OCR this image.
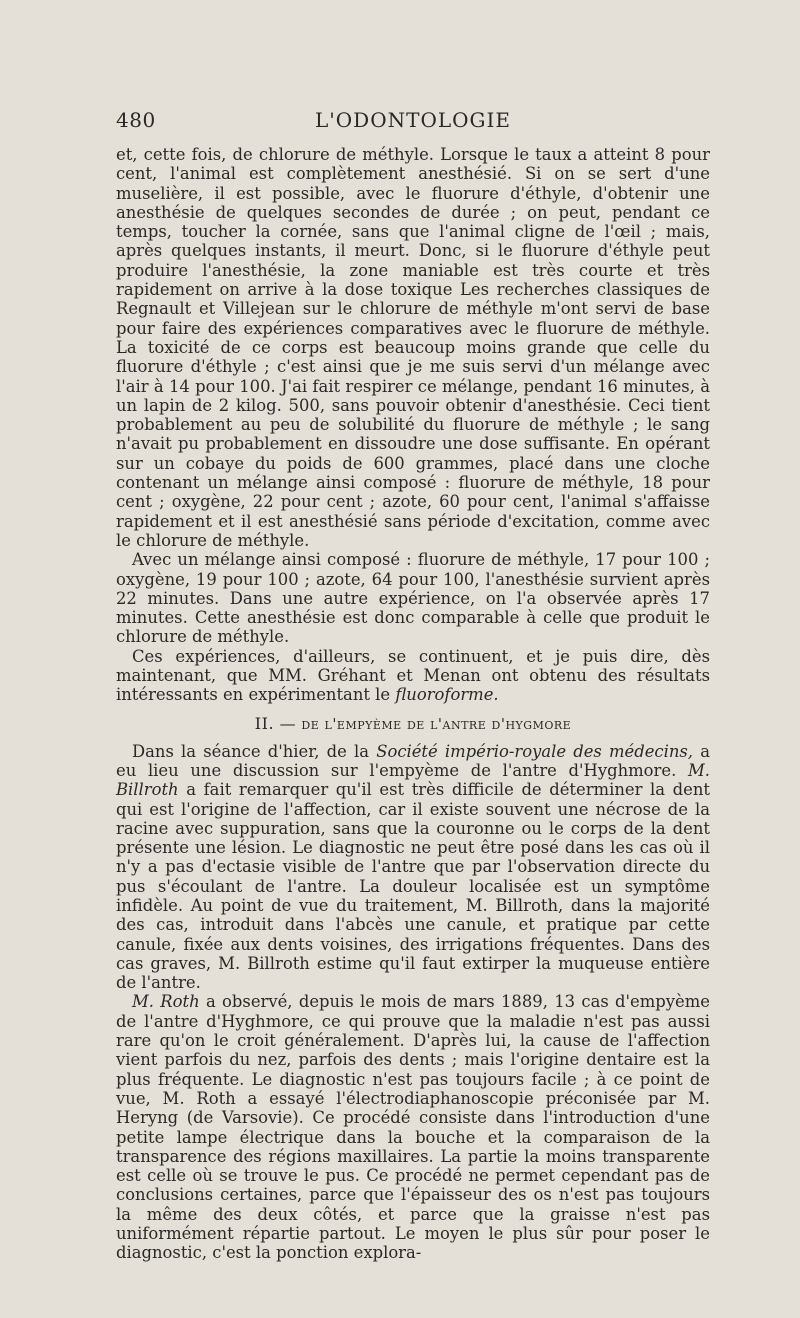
480	L'ODONTOLOGIE

et, cette fois, de chlorure de méthyle. Lorsque le taux a atteint 8 pour cent, l'animal est complètement anesthésié. Si on se sert d'une muselière, il est possible, avec le fluorure d'éthyle, d'obtenir une anesthésie de quelques secondes de durée ; on peut, pendant ce temps, toucher la cornée, sans que l'animal cligne de l'œil ; mais, après quelques instants, il meurt. Donc, si le fluorure d'éthyle peut produire l'anesthésie, la zone maniable est très courte et très rapidement on arrive à la dose toxique Les recherches classiques de Regnault et Villejean sur le chlorure de méthyle m'ont servi de base pour faire des expériences comparatives avec le fluorure de méthyle. La toxicité de ce corps est beaucoup moins grande que celle du fluorure d'éthyle ; c'est ainsi que je me suis servi d'un mélange avec l'air à 14 pour 100. J'ai fait respirer ce mélange, pendant 16 minutes, à un lapin de 2 kilog. 500, sans pouvoir obtenir d'anesthésie. Ceci tient probablement au peu de solubilité du fluorure de méthyle ; le sang n'avait pu probablement en dissoudre une dose suffisante. En opérant sur un cobaye du poids de 600 grammes, placé dans une cloche contenant un mélange ainsi composé : fluorure de méthyle, 18 pour cent ; oxygène, 22 pour cent ; azote, 60 pour cent, l'animal s'affaisse rapidement et il est anesthésié sans période d'excitation, comme avec le chlorure de méthyle.

Avec un mélange ainsi composé : fluorure de méthyle, 17 pour 100 ; oxygène, 19 pour 100 ; azote, 64 pour 100, l'anesthésie survient après 22 minutes. Dans une autre expérience, on l'a observée après 17 minutes. Cette anesthésie est donc comparable à celle que produit le chlorure de méthyle.

Ces expériences, d'ailleurs, se continuent, et je puis dire, dès maintenant, que MM. Gréhant et Menan ont obtenu des résultats intéressants en expérimentant le fluoroforme.

II. — de l'empyème de l'antre d'hygmore

Dans la séance d'hier, de la Société império-royale des médecins, a eu lieu une discussion sur l'empyème de l'antre d'Hyghmore. M. Billroth a fait remarquer qu'il est très difficile de déterminer la dent qui est l'origine de l'affection, car il existe souvent une nécrose de la racine avec suppuration, sans que la couronne ou le corps de la dent présente une lésion. Le diagnostic ne peut être posé dans les cas où il n'y a pas d'ectasie visible de l'antre que par l'observation directe du pus s'écoulant de l'antre. La douleur localisée est un symptôme infidèle. Au point de vue du traitement, M. Billroth, dans la majorité des cas, introduit dans l'abcès une canule, et pratique par cette canule, fixée aux dents voisines, des irrigations fréquentes. Dans des cas graves, M. Billroth estime qu'il faut extirper la muqueuse entière de l'antre.

M. Roth a observé, depuis le mois de mars 1889, 13 cas d'empyème de l'antre d'Hyghmore, ce qui prouve que la maladie n'est pas aussi rare qu'on le croit généralement. D'après lui, la cause de l'affection vient parfois du nez, parfois des dents ; mais l'origine dentaire est la plus fréquente. Le diagnostic n'est pas toujours facile ; à ce point de vue, M. Roth a essayé l'électrodiaphanoscopie préconisée par M. Heryng (de Varsovie). Ce procédé consiste dans l'introduction d'une petite lampe électrique dans la bouche et la comparaison de la transparence des régions maxillaires. La partie la moins transparente est celle où se trouve le pus. Ce procédé ne permet cependant pas de conclusions certaines, parce que l'épaisseur des os n'est pas toujours la même des deux côtés, et parce que la graisse n'est pas uniformément répartie partout. Le moyen le plus sûr pour poser le diagnostic, c'est la ponction explora-
